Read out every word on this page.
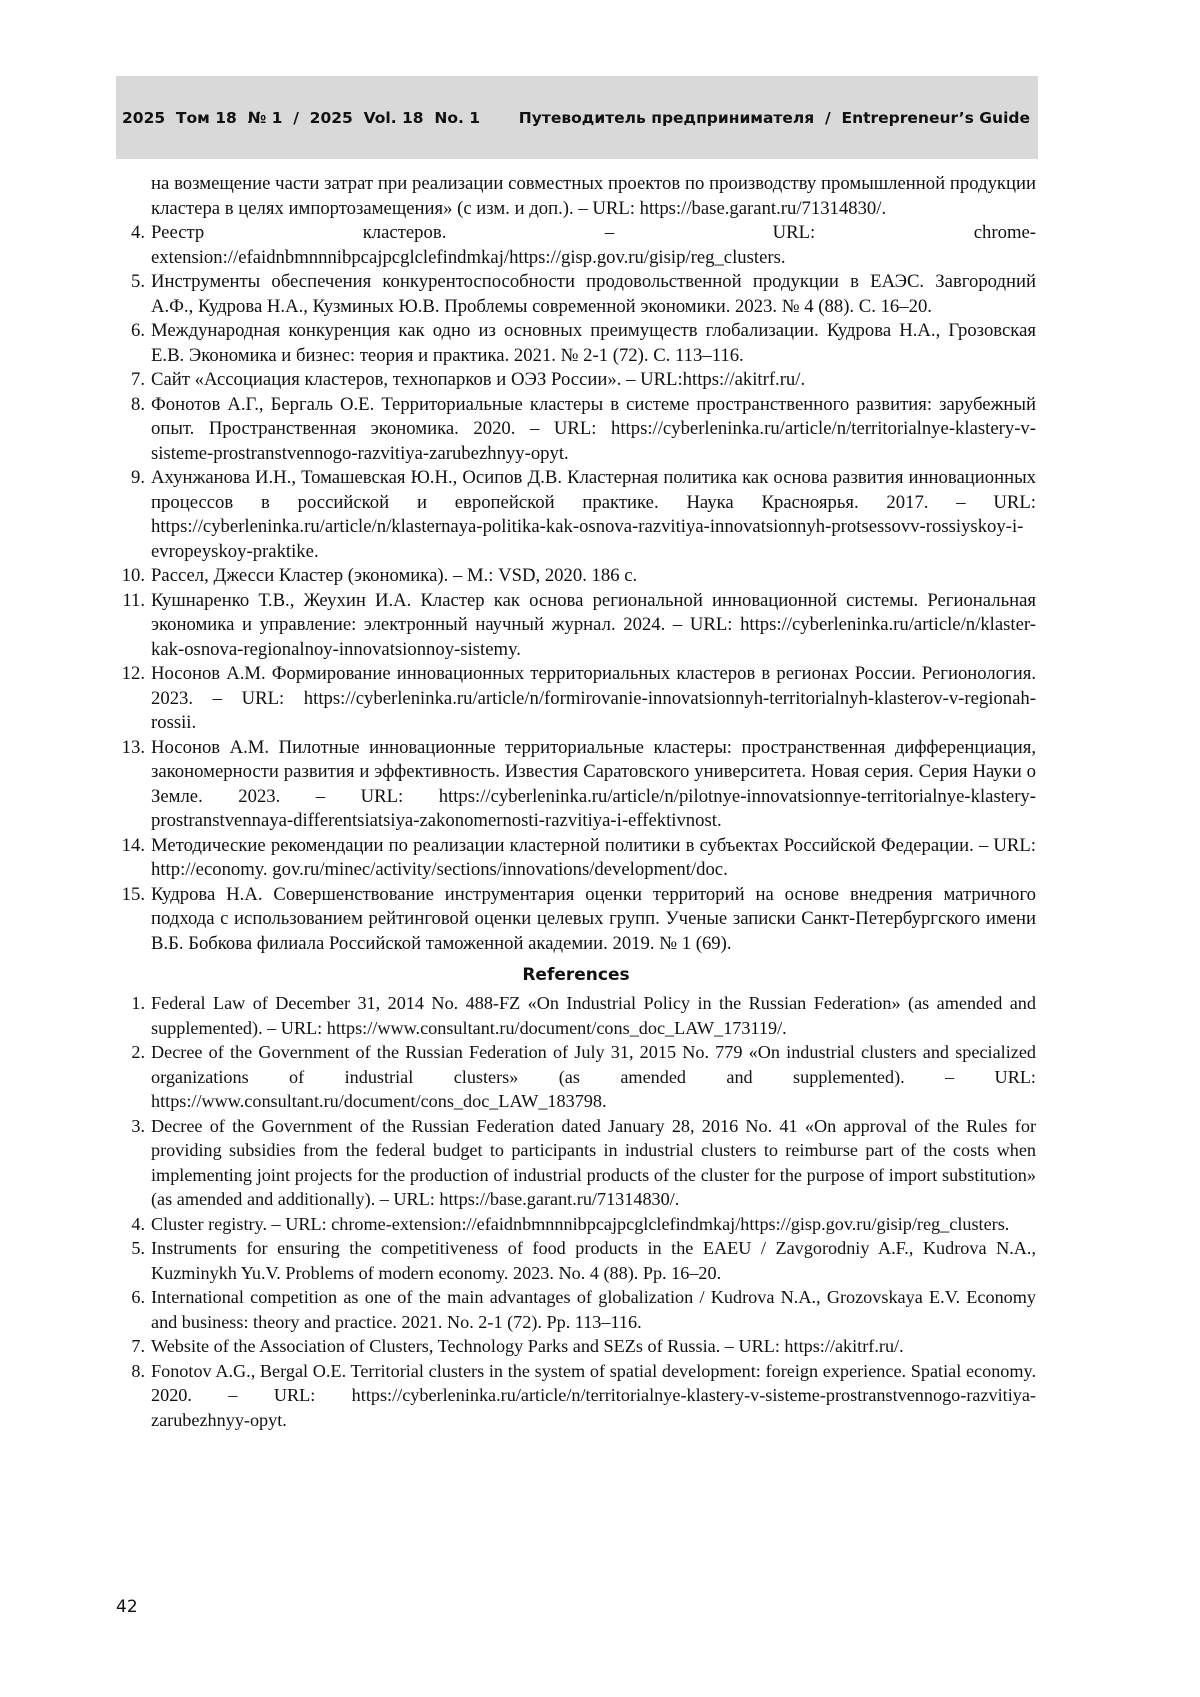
2025  Том 18  № 1  /  2025  Vol. 18  No. 1 Путеводитель предпринимателя  /  Entrepreneur’s Guide
на возмещение части затрат при реализации совместных проектов по производству промышленной продукции кластера в целях импортозамещения» (с изм. и доп.). – URL: https://base.garant.ru/71314830/.
4. Реестр кластеров. – URL: chrome-extension://efaidnbmnnnibpcajpcglclefindmkaj/https://gisp.gov.ru/gisip/reg_clusters.
5. Инструменты обеспечения конкурентоспособности продовольственной продукции в ЕАЭС. Завгородний А.Ф., Кудрова Н.А., Кузминых Ю.В. Проблемы современной экономики. 2023. № 4 (88). С. 16–20.
6. Международная конкуренция как одно из основных преимуществ глобализации. Кудрова Н.А., Грозовская Е.В. Экономика и бизнес: теория и практика. 2021. № 2-1 (72). С. 113–116.
7. Сайт «Ассоциация кластеров, технопарков и ОЭЗ России». – URL:https://akitrf.ru/.
8. Фонотов А.Г., Бергаль О.Е. Территориальные кластеры в системе пространственного развития: зарубежный опыт. Пространственная экономика. 2020. – URL: https://cyberleninka.ru/article/n/territorialnye-klastery-v-sisteme-prostranstvennogo-razvitiya-zarubezhnyy-opyt.
9. Ахунжанова И.Н., Томашевская Ю.Н., Осипов Д.В. Кластерная политика как основа развития инновационных процессов в российской и европейской практике. Наука Красноярья. 2017. – URL: https://cyberleninka.ru/article/n/klasternaya-politika-kak-osnova-razvitiya-innovatsionnyh-protsessovv-rossiyskoy-i-evropeyskoy-praktike.
10. Рассел, Джесси Кластер (экономика). – М.: VSD, 2020. 186 с.
11. Кушнаренко Т.В., Жеухин И.А. Кластер как основа региональной инновационной системы. Региональная экономика и управление: электронный научный журнал. 2024. – URL: https://cyberleninka.ru/article/n/klaster-kak-osnova-regionalnoy-innovatsionnoy-sistemy.
12. Носонов А.М. Формирование инновационных территориальных кластеров в регионах России. Регионология. 2023. – URL: https://cyberleninka.ru/article/n/formirovanie-innovatsionnyh-territorialnyh-klasterov-v-regionah-rossii.
13. Носонов А.М. Пилотные инновационные территориальные кластеры: пространственная дифференциация, закономерности развития и эффективность. Известия Саратовского университета. Новая серия. Серия Науки о Земле. 2023. – URL: https://cyberleninka.ru/article/n/pilotnye-innovatsionnye-territorialnye-klastery-prostranstvennaya-differentsiatsiya-zakonomernosti-razvitiya-i-effektivnost.
14. Методические рекомендации по реализации кластерной политики в субъектах Российской Федерации. – URL: http://economy. gov.ru/minec/activity/sections/innovations/development/doc.
15. Кудрова Н.А. Совершенствование инструментария оценки территорий на основе внедрения матричного подхода с использованием рейтинговой оценки целевых групп. Ученые записки Санкт-Петербургского имени В.Б. Бобкова филиала Российской таможенной академии. 2019. № 1 (69).
References
1. Federal Law of December 31, 2014 No. 488-FZ «On Industrial Policy in the Russian Federation» (as amended and supplemented). – URL: https://www.consultant.ru/document/cons_doc_LAW_173119/.
2. Decree of the Government of the Russian Federation of July 31, 2015 No. 779 «On industrial clusters and specialized organizations of industrial clusters» (as amended and supplemented). – URL: https://www.consultant.ru/document/cons_doc_LAW_183798.
3. Decree of the Government of the Russian Federation dated January 28, 2016 No. 41 «On approval of the Rules for providing subsidies from the federal budget to participants in industrial clusters to reimburse part of the costs when implementing joint projects for the production of industrial products of the cluster for the purpose of import substitution» (as amended and additionally). – URL: https://base.garant.ru/71314830/.
4. Cluster registry. – URL: chrome-extension://efaidnbmnnnibpcajpcglclefindmkaj/https://gisp.gov.ru/gisip/reg_clusters.
5. Instruments for ensuring the competitiveness of food products in the EAEU / Zavgorodniy A.F., Kudrova N.A., Kuzminykh Yu.V. Problems of modern economy. 2023. No. 4 (88). Pp. 16–20.
6. International competition as one of the main advantages of globalization / Kudrova N.A., Grozovskaya E.V. Economy and business: theory and practice. 2021. No. 2-1 (72). Pp. 113–116.
7. Website of the Association of Clusters, Technology Parks and SEZs of Russia. – URL: https://akitrf.ru/.
8. Fonotov A.G., Bergal O.E. Territorial clusters in the system of spatial development: foreign experience. Spatial economy. 2020. – URL: https://cyberleninka.ru/article/n/territorialnye-klastery-v-sisteme-prostranstvennogo-razvitiya-zarubezhnyy-opyt.
42
